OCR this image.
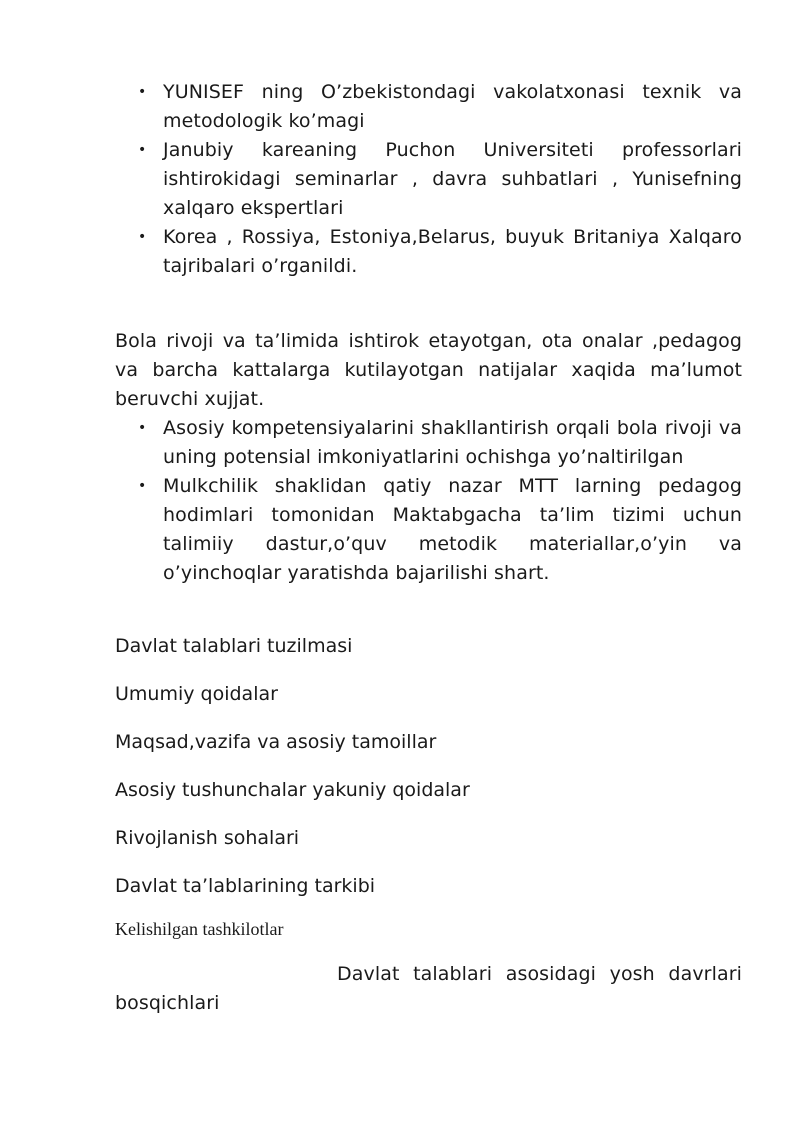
• YUNISEF ning O’zbekistondagi vakolatxonasi texnik va metodologik ko’magi
• Janubiy kareaning Puchon Universiteti professorlari ishtirokidagi seminarlar , davra suhbatlari , Yunisefning xalqaro ekspertlari
• Korea , Rossiya, Estoniya,Belarus, buyuk Britaniya Xalqaro tajribalari o’rganildi.

Bola rivoji va ta’limida ishtirok etayotgan, ota onalar ,pedagog va barcha kattalarga kutilayotgan natijalar xaqida ma’lumot beruvchi xujjat.

• Asosiy kompetensiyalarini shakllantirish orqali bola rivoji va uning potensial imkoniyatlarini ochishga yo’naltirilgan
• Mulkchilik shaklidan qatiy nazar MTT larning pedagog hodimlari tomonidan Maktabgacha ta’lim tizimi uchun talimiiy dastur,o’quv metodik materiallar,o’yin va o’yinchoqlar yaratishda bajarilishi shart.

Davlat talablari tuzilmasi

Umumiy qoidalar

Maqsad,vazifa va asosiy tamoillar

Asosiy tushunchalar yakuniy qoidalar

Rivojlanish sohalari

Davlat ta’lablarining tarkibi

Kelishilgan tashkilotlar

Davlat talablari asosidagi yosh davrlari bosqichlari
